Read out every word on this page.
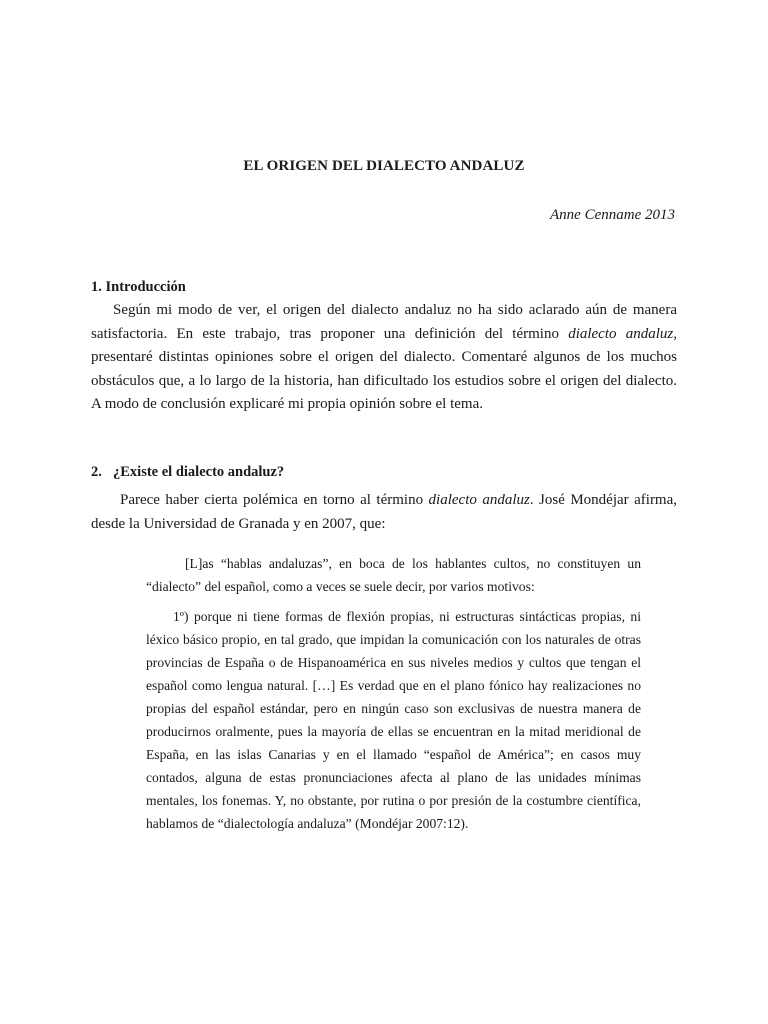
EL ORIGEN DEL DIALECTO ANDALUZ
Anne Cenname 2013
1. Introducción
Según mi modo de ver, el origen del dialecto andaluz no ha sido aclarado aún de manera satisfactoria. En este trabajo, tras proponer una definición del término dialecto andaluz, presentaré distintas opiniones sobre el origen del dialecto. Comentaré algunos de los muchos obstáculos que, a lo largo de la historia, han dificultado los estudios sobre el origen del dialecto. A modo de conclusión explicaré mi propia opinión sobre el tema.
2. ¿Existe el dialecto andaluz?
Parece haber cierta polémica en torno al término dialecto andaluz. José Mondéjar afirma, desde la Universidad de Granada y en 2007, que:
[L]as “hablas andaluzas”, en boca de los hablantes cultos, no constituyen un “dialecto” del español, como a veces se suele decir, por varios motivos:
1º) porque ni tiene formas de flexión propias, ni estructuras sintácticas propias, ni léxico básico propio, en tal grado, que impidan la comunicación con los naturales de otras provincias de España o de Hispanoamérica en sus niveles medios y cultos que tengan el español como lengua natural. […] Es verdad que en el plano fónico hay realizaciones no propias del español estándar, pero en ningún caso son exclusivas de nuestra manera de producirnos oralmente, pues la mayoría de ellas se encuentran en la mitad meridional de España, en las islas Canarias y en el llamado “español de América”; en casos muy contados, alguna de estas pronunciaciones afecta al plano de las unidades mínimas mentales, los fonemas. Y, no obstante, por rutina o por presión de la costumbre científica, hablamos de “dialectología andaluza” (Mondéjar 2007:12).
